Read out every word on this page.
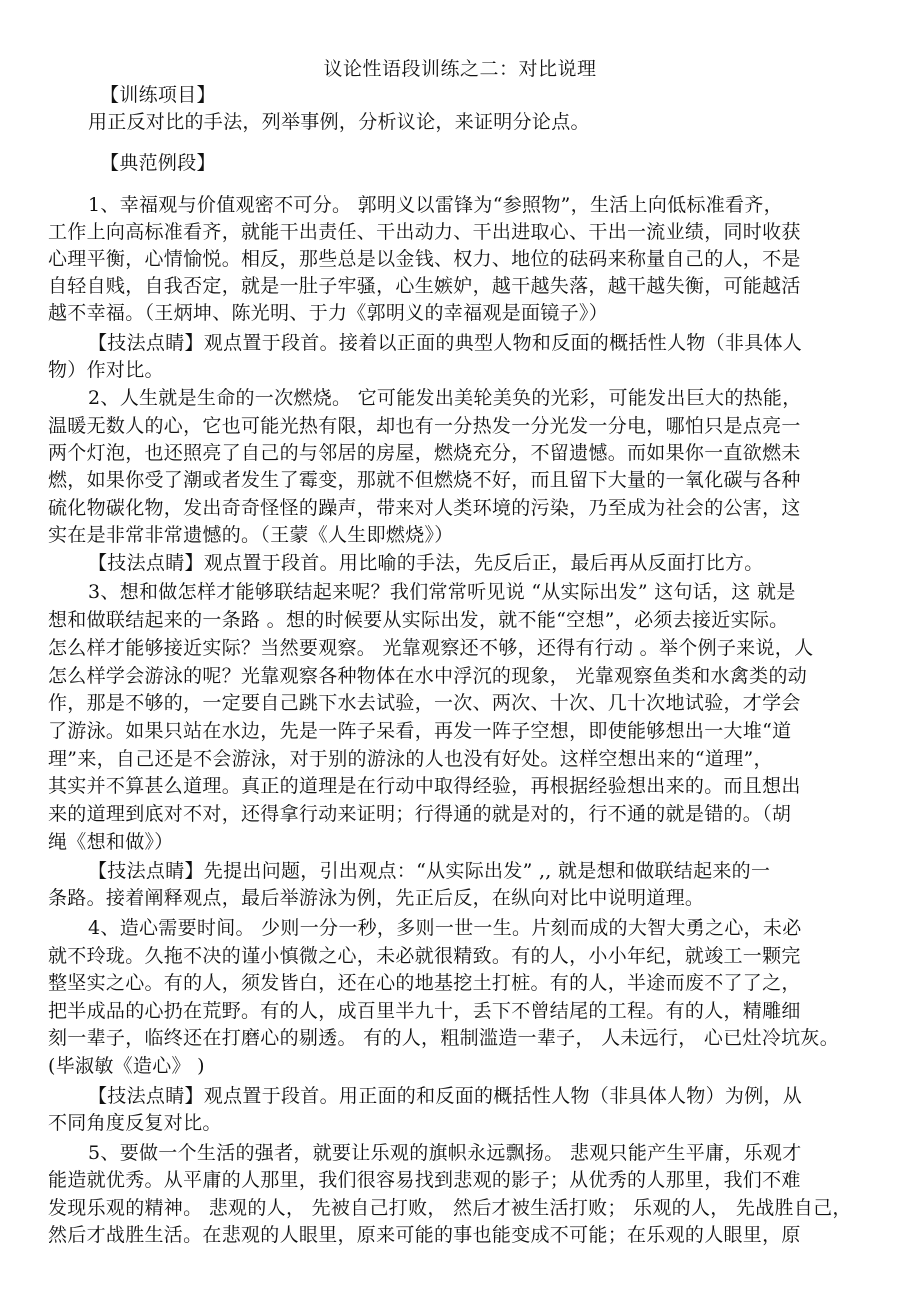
议论性语段训练之二：对比说理
【训练项目】
用正反对比的手法，列举事例，分析议论，来证明分论点。
【典范例段】
1、幸福观与价值观密不可分。 郭明义以雷锋为“参照物”，生活上向低标准看齐，
工作上向高标准看齐，就能干出责任、干出动力、干出进取心、干出一流业绩，同时收获
心理平衡，心情愉悦。相反，那些总是以金钱、权力、地位的砝码来称量自己的人，不是
自轻自贱，自我否定，就是一肚子牢骚，心生嫉妒，越干越失落，越干越失衡，可能越活
越不幸福。（王炳坤、陈光明、于力《郭明义的幸福观是面镜子》）
【技法点睛】观点置于段首。接着以正面的典型人物和反面的概括性人物（非具体人
物）作对比。
2、人生就是生命的一次燃烧。 它可能发出美轮美奂的光彩，可能发出巨大的热能，
温暖无数人的心，它也可能光热有限，却也有一分热发一分光发一分电，哪怕只是点亮一
两个灯泡，也还照亮了自己的与邻居的房屋，燃烧充分，不留遗憾。而如果你一直欲燃未
燃，如果你受了潮或者发生了霉变，那就不但燃烧不好，而且留下大量的一氧化碳与各种
硫化物碳化物，发出奇奇怪怪的躁声，带来对人类环境的污染，乃至成为社会的公害，这
实在是非常非常遗憾的。（王蒙《人生即燃烧》）
【技法点睛】观点置于段首。用比喻的手法，先反后正，最后再从反面打比方。
3、想和做怎样才能够联结起来呢？我们常常听见说 “从实际出发” 这句话，这 就是
想和做联结起来的一条路 。想的时候要从实际出发，就不能“空想”，必须去接近实际。
怎么样才能够接近实际？当然要观察。 光靠观察还不够，还得有行动 。举个例子来说，人
怎么样学会游泳的呢？光靠观察各种物体在水中浮沉的现象， 光靠观察鱼类和水禽类的动
作，那是不够的，一定要自己跳下水去试验，一次、两次、十次、几十次地试验，才学会
了游泳。如果只站在水边，先是一阵子呆看，再发一阵子空想，即使能够想出一大堆“道
理”来，自己还是不会游泳，对于别的游泳的人也没有好处。这样空想出来的“道理”，
其实并不算甚么道理。真正的道理是在行动中取得经验，再根据经验想出来的。而且想出
来的道理到底对不对，还得拿行动来证明；行得通的就是对的，行不通的就是错的。（胡
绳《想和做》）
【技法点睛】先提出问题，引出观点：“从实际出发” ,, 就是想和做联结起来的一
条路。接着阐释观点，最后举游泳为例，先正后反，在纵向对比中说明道理。
4、造心需要时间。 少则一分一秒，多则一世一生。片刻而成的大智大勇之心，未必
就不玲珑。久拖不决的谨小慎微之心，未必就很精致。有的人，小小年纪，就竣工一颗完
整坚实之心。有的人，须发皆白，还在心的地基挖土打桩。有的人，半途而废不了了之，
把半成品的心扔在荒野。有的人，成百里半九十，丢下不曾结尾的工程。有的人，精雕细
刻一辈子，临终还在打磨心的剔透。 有的人，粗制滥造一辈子， 人未远行， 心已灶冷坑灰。
(毕淑敏《造心》 )
【技法点睛】观点置于段首。用正面的和反面的概括性人物（非具体人物）为例，从
不同角度反复对比。
5、要做一个生活的强者，就要让乐观的旗帜永远飘扬。 悲观只能产生平庸，乐观才
能造就优秀。从平庸的人那里，我们很容易找到悲观的影子；从优秀的人那里，我们不难
发现乐观的精神。 悲观的人， 先被自己打败， 然后才被生活打败； 乐观的人， 先战胜自己，
然后才战胜生活。在悲观的人眼里，原来可能的事也能变成不可能；在乐观的人眼里，原
